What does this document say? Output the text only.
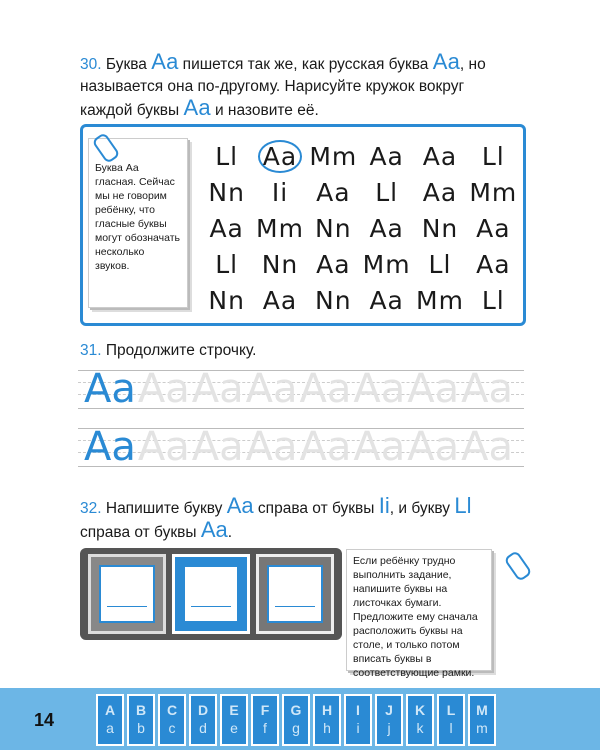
30. Буква Аа пишется так же, как русская буква Аа, но
называется она по-другому. Нарисуйте кружок вокруг
каждой буквы Аа и назовите её.
Буква Аа гласная. Сейчас мы не говорим ребёнку, что гласные буквы могут обозначать несколько звуков.
Ll Aa Mm Aa Aa Ll
Nn	Ii	Aa Ll Aa Mm
Aa Mm Nn Aa Nn Aa
Ll Nn Aa Mm Ll Aa
Nn Aa Nn Aa Mm Ll
31. Продолжите строчку.
Aa Aa Aa Aa Aa Aa Aa Aa
Aa Aa Aa Aa Aa Aa Aa Aa
32. Напишите букву Aa справа от буквы Ii, и букву Ll
справа от буквы Aa.
Если ребёнку трудно выполнить задание, напишите буквы на листочках бумаги. Предложите ему сначала расположить буквы на столе, и только потом вписать буквы в соответствующие рамки.
14	A
a
B
b
C
c
D
d
E
e
F
f
G
g
H
h
I
i
J
j
K
k
L
l
M
m
